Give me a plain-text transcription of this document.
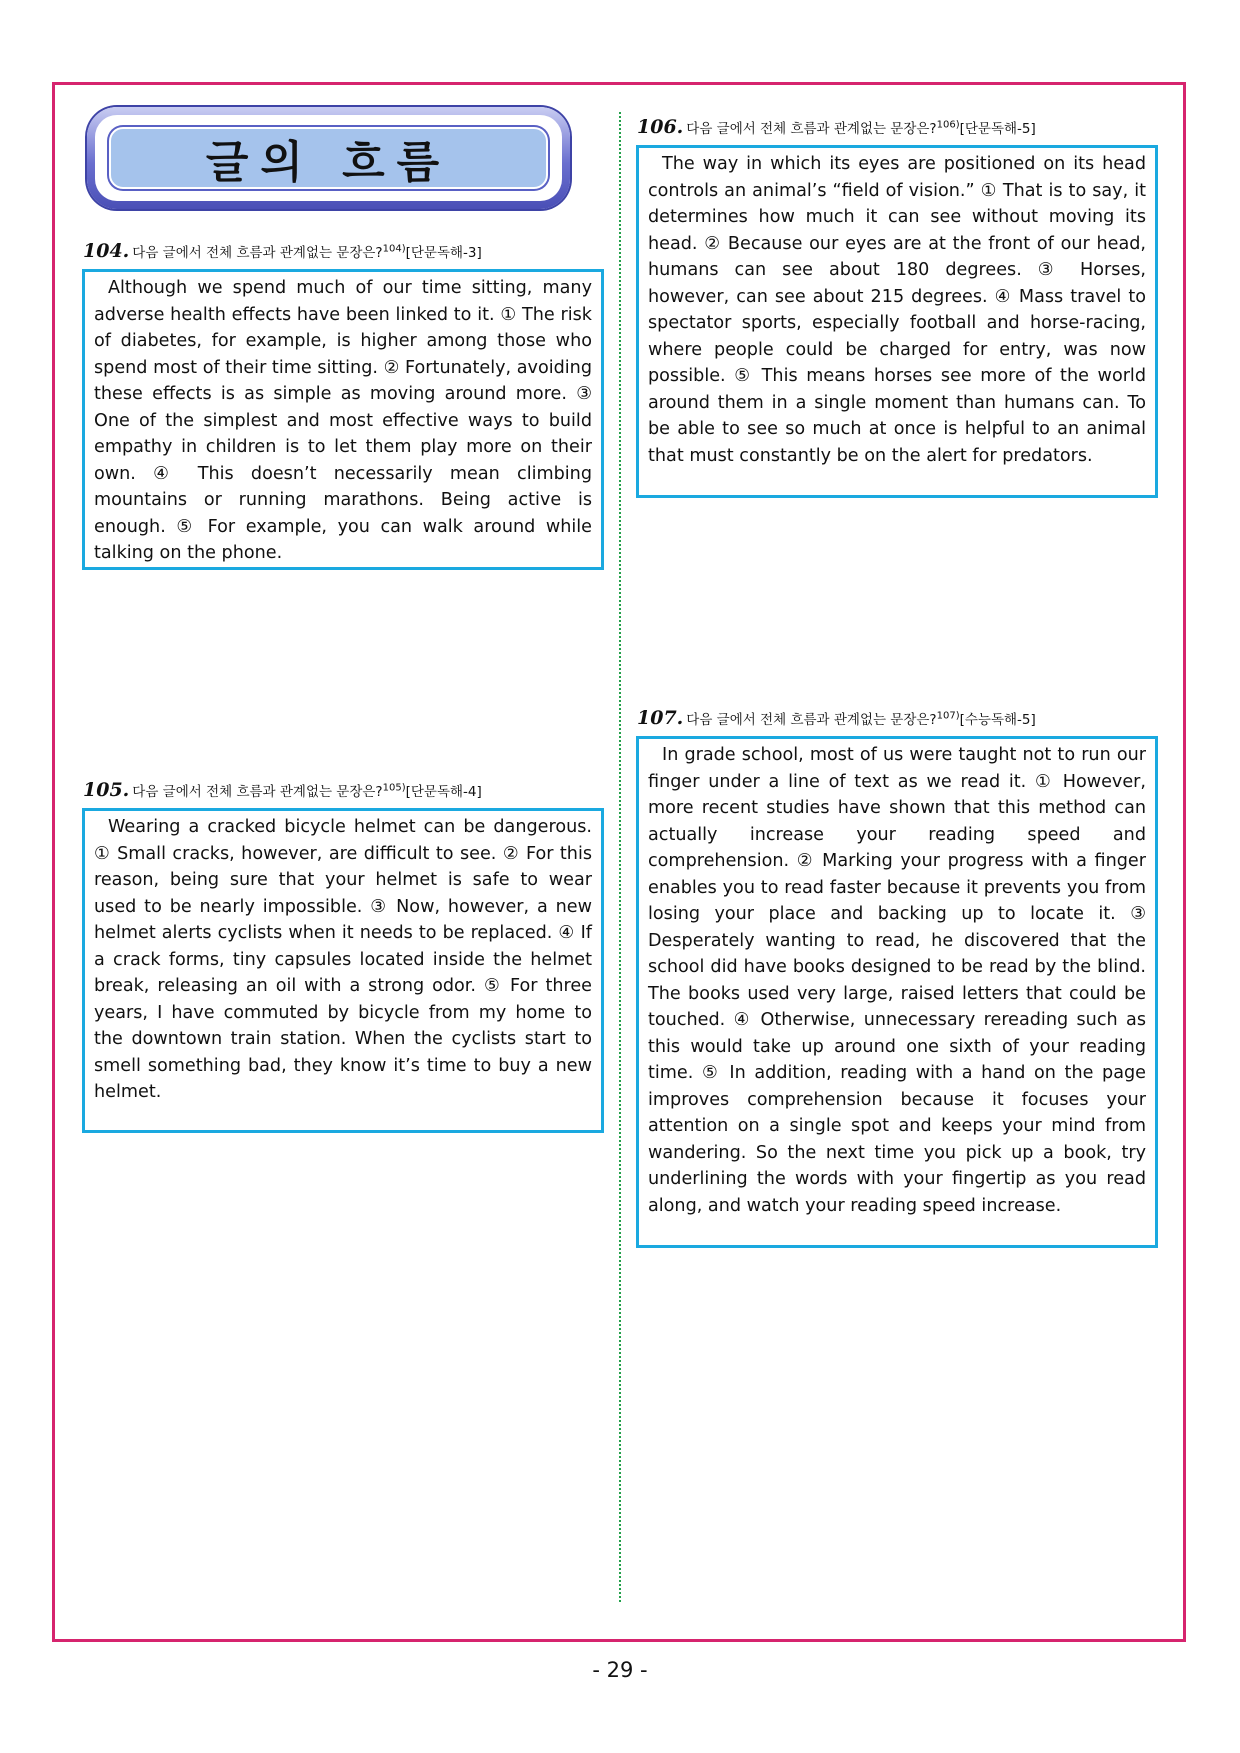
글의 흐름
104. 다음 글에서 전체 흐름과 관계없는 문장은?$^{104)}$[단문독해-3]
Although we spend much of our time sitting, many adverse health effects have been linked to it. ① The risk of diabetes, for example, is higher among those who spend most of their time sitting. ② Fortunately, avoiding these effects is as simple as moving around more. ③ One of the simplest and most effective ways to build empathy in children is to let them play more on their own. ④ This doesn’t necessarily mean climbing mountains or running marathons. Being active is enough. ⑤ For example, you can walk around while talking on the phone.
105. 다음 글에서 전체 흐름과 관계없는 문장은?$^{105)}$[단문독해-4]
Wearing a cracked bicycle helmet can be dangerous. ① Small cracks, however, are difficult to see. ② For this reason, being sure that your helmet is safe to wear used to be nearly impossible. ③ Now, however, a new helmet alerts cyclists when it needs to be replaced. ④ If a crack forms, tiny capsules located inside the helmet break, releasing an oil with a strong odor. ⑤ For three years, I have commuted by bicycle from my home to the downtown train station. When the cyclists start to smell something bad, they know it’s time to buy a new helmet.
106. 다음 글에서 전체 흐름과 관계없는 문장은?$^{106)}$[단문독해-5]
The way in which its eyes are positioned on its head controls an animal’s “field of vision.” ① That is to say, it determines how much it can see without moving its head. ② Because our eyes are at the front of our head, humans can see about 180 degrees. ③ Horses, however, can see about 215 degrees. ④ Mass travel to spectator sports, especially football and horse-racing, where people could be charged for entry, was now possible. ⑤ This means horses see more of the world around them in a single moment than humans can. To be able to see so much at once is helpful to an animal that must constantly be on the alert for predators.
107. 다음 글에서 전체 흐름과 관계없는 문장은?$^{107)}$[수능독해-5]
In grade school, most of us were taught not to run our finger under a line of text as we read it. ① However, more recent studies have shown that this method can actually increase your reading speed and comprehension. ② Marking your progress with a finger enables you to read faster because it prevents you from losing your place and backing up to locate it. ③ Desperately wanting to read, he discovered that the school did have books designed to be read by the blind. The books used very large, raised letters that could be touched. ④ Otherwise, unnecessary rereading such as this would take up around one sixth of your reading time. ⑤ In addition, reading with a hand on the page improves comprehension because it focuses your attention on a single spot and keeps your mind from wandering. So the next time you pick up a book, try underlining the words with your fingertip as you read along, and watch your reading speed increase.
- 29 -
